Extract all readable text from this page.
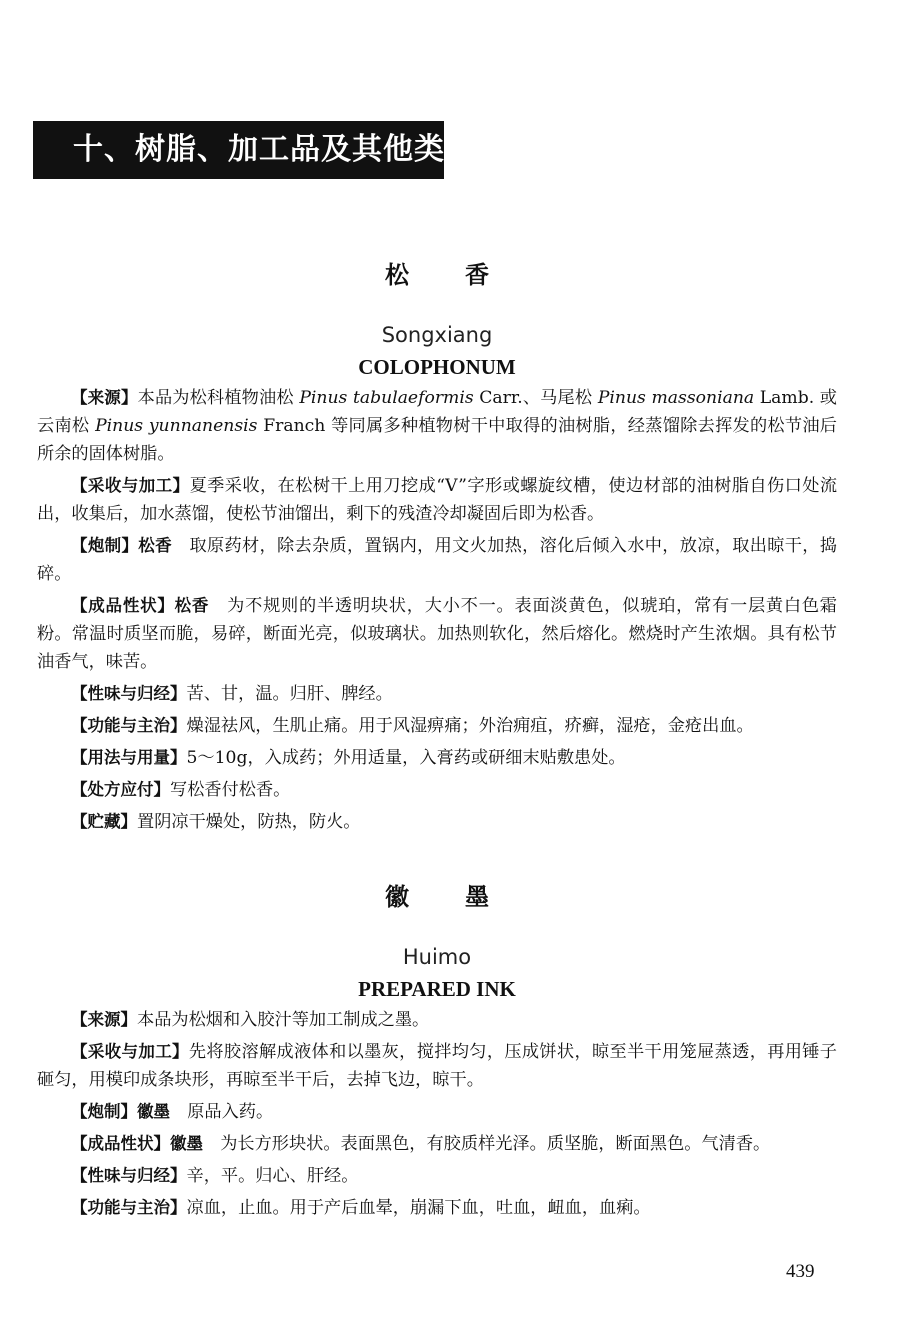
十、树脂、加工品及其他类
松香
Songxiang
COLOPHONUM

【来源】本品为松科植物油松 Pinus tabulaeformis Carr.、马尾松 Pinus massoniana Lamb. 或云南松 Pinus yunnanensis Franch 等同属多种植物树干中取得的油树脂，经蒸馏除去挥发的松节油后所余的固体树脂。

【采收与加工】夏季采收，在松树干上用刀挖成“V”字形或螺旋纹槽，使边材部的油树脂自伤口处流出，收集后，加水蒸馏，使松节油馏出，剩下的残渣冷却凝固后即为松香。

【炮制】松香　取原药材，除去杂质，置锅内，用文火加热，溶化后倾入水中，放凉，取出晾干，捣碎。

【成品性状】松香　为不规则的半透明块状，大小不一。表面淡黄色，似琥珀，常有一层黄白色霜粉。常温时质坚而脆，易碎，断面光亮，似玻璃状。加热则软化，然后熔化。燃烧时产生浓烟。具有松节油香气，味苦。

【性味与归经】苦、甘，温。归肝、脾经。

【功能与主治】燥湿祛风，生肌止痛。用于风湿痹痛；外治痈疽，疥癣，湿疮，金疮出血。

【用法与用量】5～10g，入成药；外用适量，入膏药或研细末贴敷患处。

【处方应付】写松香付松香。

【贮藏】置阴凉干燥处，防热，防火。

徽墨
Huimo
PREPARED INK

【来源】本品为松烟和入胶汁等加工制成之墨。

【采收与加工】先将胶溶解成液体和以墨灰，搅拌均匀，压成饼状，晾至半干用笼屉蒸透，再用锤子砸匀，用模印成条块形，再晾至半干后，去掉飞边，晾干。

【炮制】徽墨　原品入药。

【成品性状】徽墨　为长方形块状。表面黑色，有胶质样光泽。质坚脆，断面黑色。气清香。

【性味与归经】辛，平。归心、肝经。

【功能与主治】凉血，止血。用于产后血晕，崩漏下血，吐血，衄血，血痢。

439
